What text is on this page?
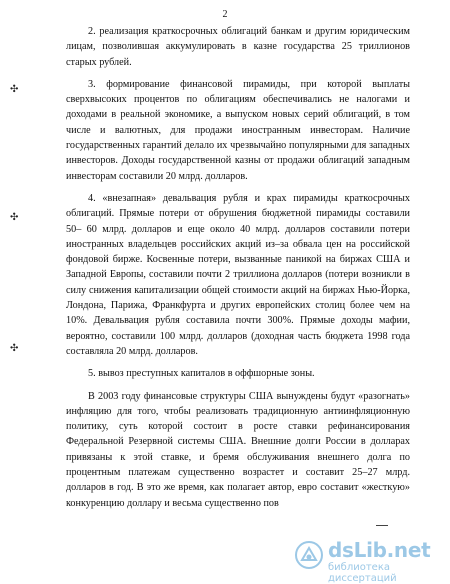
2
✣
✣
✣

2. реализация краткосрочных облигаций банкам и другим юридическим лицам, позволившая аккумулировать в казне государства 25 триллионов старых рублей.

3. формирование финансовой пирамиды, при которой выплаты сверхвысоких процентов по облигациям обеспечивались не налогами и доходами в реальной экономике, а выпуском новых серий облигаций, в том числе и валютных, для продажи иностранным инвесторам. Наличие государственных гарантий делало их чрезвычайно популярными для западных инвесторов. Доходы государственной казны от продажи облигаций западным инвесторам составили 20 млрд. долларов.

4. «внезапная» девальвация рубля и крах пирамиды краткосрочных облигаций. Прямые потери от обрушения бюджетной пирамиды составили 50– 60 млрд. долларов и еще около 40 млрд. долларов составили потери иностранных владельцев российских акций из–за обвала цен на российской фондовой бирже. Косвенные потери, вызванные паникой на биржах США и Западной Европы, составили почти 2 триллиона долларов (потери возникли в силу снижения капитализации общей стоимости акций на биржах Нью-Йорка, Лондона, Парижа, Франкфурта и других европейских столиц более чем на 10%. Девальвация рубля составила почти 300%. Прямые доходы мафии, вероятно, составили 100 млрд. долларов (доходная часть бюджета 1998 года составляла 20 млрд. долларов.

5. вывоз преступных капиталов в оффшорные зоны.

В 2003 году финансовые структуры США вынуждены будут «разогнать» инфляцию для того, чтобы реализовать традиционную антиинфляционную политику, суть которой состоит в росте ставки рефинансирования Федеральной Резервной системы США. Внешние долги России в долларах привязаны к этой ставке, и бремя обслуживания внешнего долга по процентным платежам существенно возрастет и составит 25–27 млрд. долларов в год. В это же время, как полагает автор, евро составит «жесткую» конкуренцию доллару и весьма существенно пов

dsLib.net
библиотека диссертаций
